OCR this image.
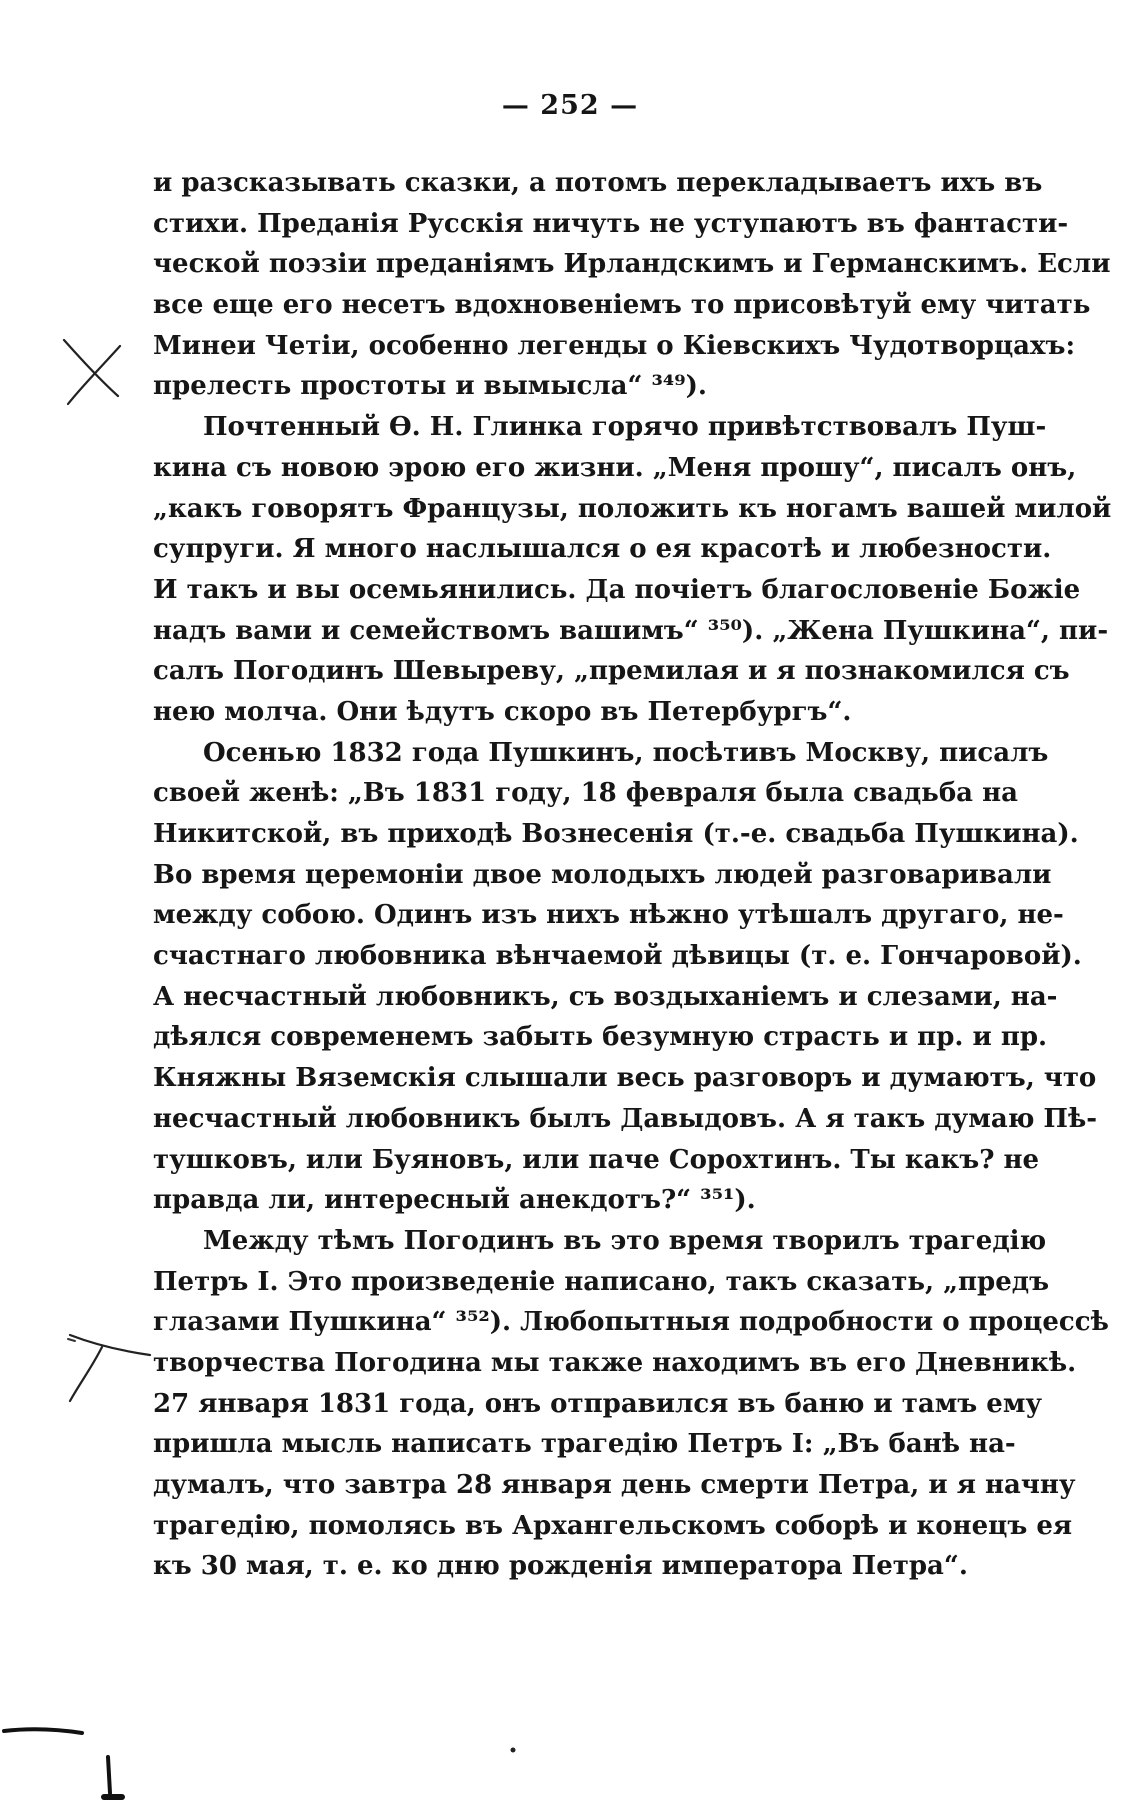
— 252 —
и разсказывать сказки, а потомъ перекладываетъ ихъ въ
стихи. Преданія Русскія ничуть не уступаютъ въ фантасти-
ческой поэзіи преданіямъ Ирландскимъ и Германскимъ. Если
все еще его несетъ вдохновеніемъ то присовѣтуй ему читать
Минеи Четіи, особенно легенды о Кіевскихъ Чудотворцахъ:
прелесть простоты и вымысла“ ³⁴⁹).
Почтенный Ѳ. Н. Глинка горячо привѣтствовалъ Пуш-
кина съ новою эрою его жизни. „Меня прошу“, писалъ онъ,
„какъ говорятъ Французы, положить къ ногамъ вашей милой
супруги. Я много наслышался о ея красотѣ и любезности.
И такъ и вы осемьянились. Да почіетъ благословеніе Божіе
надъ вами и семействомъ вашимъ“ ³⁵⁰). „Жена Пушкина“, пи-
салъ Погодинъ Шевыреву, „премилая и я познакомился съ
нею молча. Они ѣдутъ скоро въ Петербургъ“.
Осенью 1832 года Пушкинъ, посѣтивъ Москву, писалъ
своей женѣ: „Въ 1831 году, 18 февраля была свадьба на
Никитской, въ приходѣ Вознесенія (т.-е. свадьба Пушкина).
Во время церемоніи двое молодыхъ людей разговаривали
между собою. Одинъ изъ нихъ нѣжно утѣшалъ другаго, не-
счастнаго любовника вѣнчаемой дѣвицы (т. е. Гончаровой).
А несчастный любовникъ, съ воздыханіемъ и слезами, на-
дѣялся современемъ забыть безумную страсть и пр. и пр.
Княжны Вяземскія слышали весь разговоръ и думаютъ, что
несчастный любовникъ былъ Давыдовъ. А я такъ думаю Пѣ-
тушковъ, или Буяновъ, или паче Сорохтинъ. Ты какъ? не
правда ли, интересный анекдотъ?“ ³⁵¹).
Между тѣмъ Погодинъ въ это время творилъ трагедію
Петръ I. Это произведеніе написано, такъ сказать, „предъ
глазами Пушкина“ ³⁵²). Любопытныя подробности о процессѣ
творчества Погодина мы также находимъ въ его Дневникѣ.
27 января 1831 года, онъ отправился въ баню и тамъ ему
пришла мысль написать трагедію Петръ I: „Въ банѣ на-
думалъ, что завтра 28 января день смерти Петра, и я начну
трагедію, помолясь въ Архангельскомъ соборѣ и конецъ ея
къ 30 мая, т. е. ко дню рожденія императора Петра“.
